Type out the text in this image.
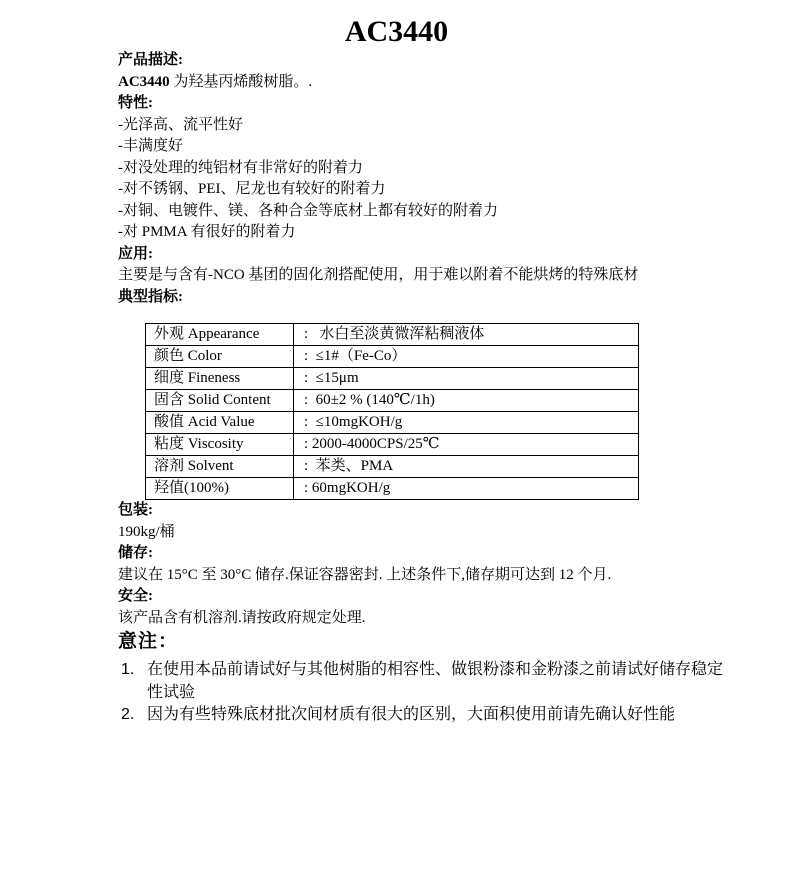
AC3440

产品描述:

AC3440 为羟基丙烯酸树脂。.

特性:

-光泽高、流平性好

-丰满度好

-对没处理的纯铝材有非常好的附着力

-对不锈钢、PEI、尼龙也有较好的附着力

-对铜、电镀件、镁、各种合金等底材上都有较好的附着力

-对 PMMA 有很好的附着力

应用:

主要是与含有-NCO 基团的固化剂搭配使用，用于难以附着不能烘烤的特殊底材

典型指标:

外观 Appearance	:   水白至淡黄微浑粘稠液体
颜色 Color	:  ≤1#（Fe-Co）
细度 Fineness	:  ≤15μm
固含 Solid Content	:  60±2 % (140℃/1h)
酸值 Acid Value	:  ≤10mgKOH/g
粘度 Viscosity	: 2000-4000CPS/25℃
溶剂 Solvent	:  苯类、PMA
羟值(100%)	: 60mgKOH/g

包装:

190kg/桶

储存:

建议在 15°C 至 30°C 储存.保证容器密封. 上述条件下,储存期可达到 12 个月.

安全:

该产品含有机溶剂.请按政府规定处理.

意注：

1. 在使用本品前请试好与其他树脂的相容性、做银粉漆和金粉漆之前请试好储存稳定性试验
2. 因为有些特殊底材批次间材质有很大的区别，大面积使用前请先确认好性能
